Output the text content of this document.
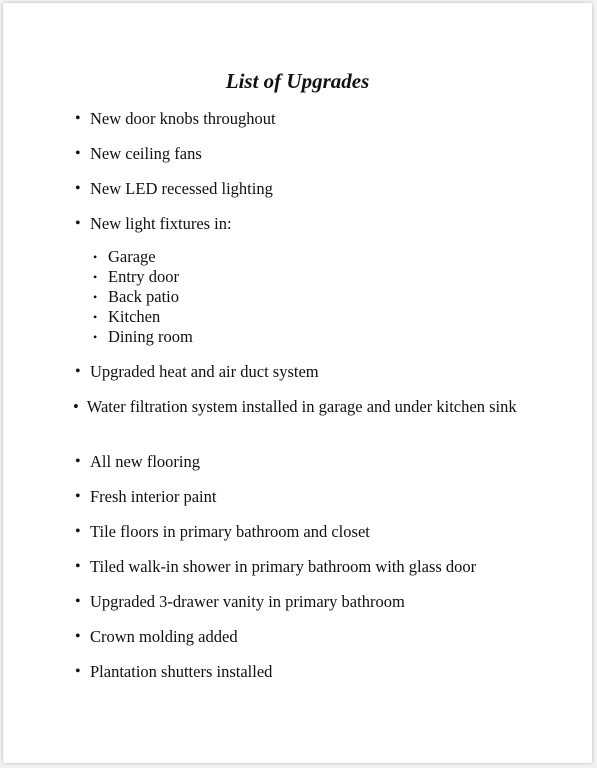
List of Upgrades
• New door knobs throughout
• New ceiling fans
• New LED recessed lighting
• New light fixtures in:
• Garage
• Entry door
• Back patio
• Kitchen
• Dining room
• Upgraded heat and air duct system
• Water filtration system installed in garage and under kitchen sink
• All new flooring
• Fresh interior paint
• Tile floors in primary bathroom and closet
• Tiled walk-in shower in primary bathroom with glass door
• Upgraded 3-drawer vanity in primary bathroom
• Crown molding added
• Plantation shutters installed
